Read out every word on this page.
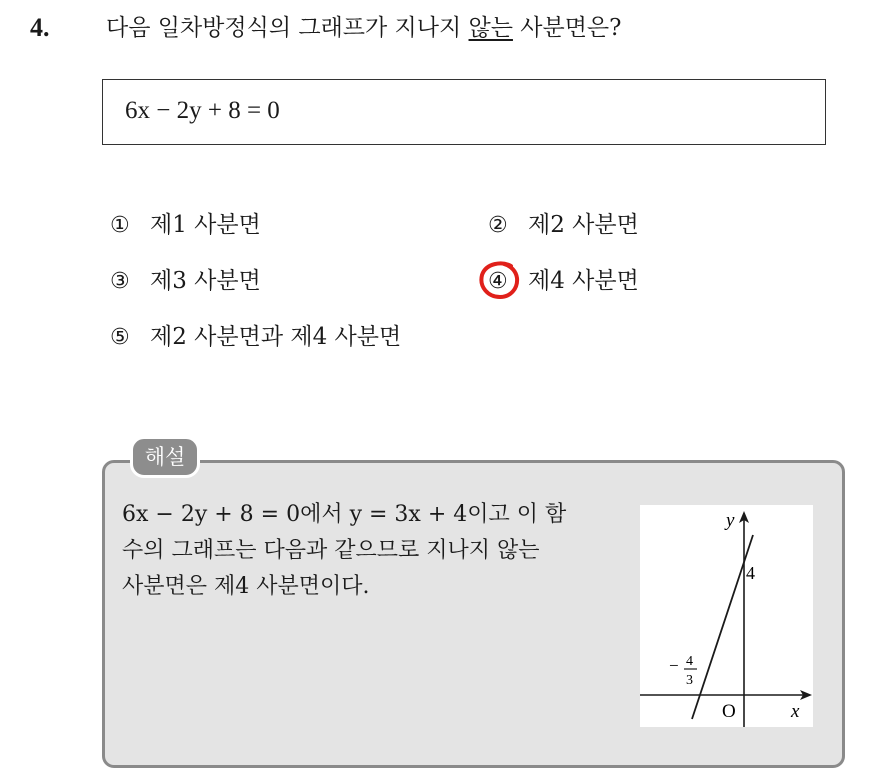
4. 다음 일차방정식의 그래프가 지나지 않는 사분면은?
6x − 2y + 8 = 0
① 제1 사분면	② 제2 사분면
③ 제3 사분면	④ 제4 사분면
⑤ 제2 사분면과 제4 사분면
해설
6x − 2y + 8 = 0에서 y = 3x + 4이고 이 함
수의 그래프는 다음과 같으므로 지나지 않는
사분면은 제4 사분면이다.
y
x
O
4
− 4
3
